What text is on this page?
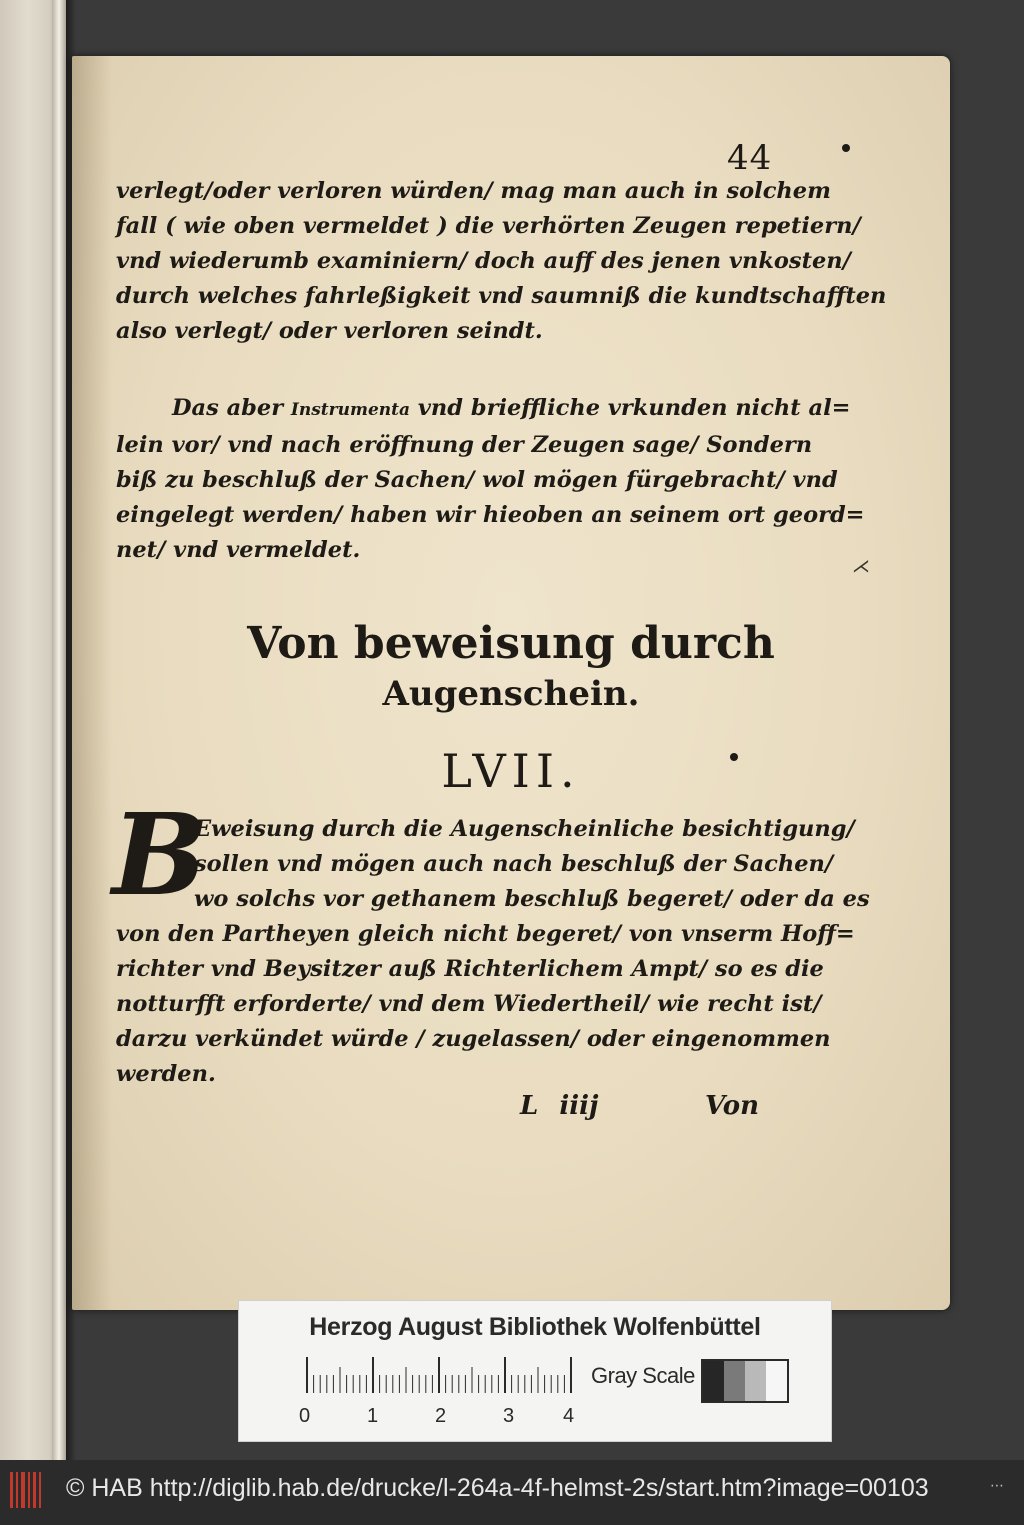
44
verlegt/oder verloren würden/ mag man auch in solchem
fall ( wie oben vermeldet ) die verhörten Zeugen repetiern/
vnd wiederumb examiniern/ doch auff des jenen vnkosten/
durch welches fahrleßigkeit vnd saumniß die kundtschafften
also verlegt/ oder verloren seindt.
Das aber Instrumenta vnd brieffliche vrkunden nicht al=
lein vor/ vnd nach eröffnung der Zeugen sage/ Sondern
biß zu beschluß der Sachen/ wol mögen fürgebracht/ vnd
eingelegt werden/ haben wir hieoben an seinem ort geord=
net/ vnd vermeldet.
Von beweisung durch
Augenschein.
LVII.
B
Eweisung durch die Augenscheinliche besichtigung/
sollen vnd mögen auch nach beschluß der Sachen/
wo solchs vor gethanem beschluß begeret/ oder da es
von den Partheyen gleich nicht begeret/ von vnserm Hoff=
richter vnd Beysitzer auß Richterlichem Ampt/ so es die
notturfft erforderte/ vnd dem Wiedertheil/ wie recht ist/
darzu verkündet würde / zugelassen/ oder eingenommen
werden.
L iiij	Von
⋌
Herzog August Bibliothek Wolfenbüttel
0	1	2	3 4
Gray Scale
© HAB http://diglib.hab.de/drucke/l-264a-4f-helmst-2s/start.htm?image=00103	⋯
